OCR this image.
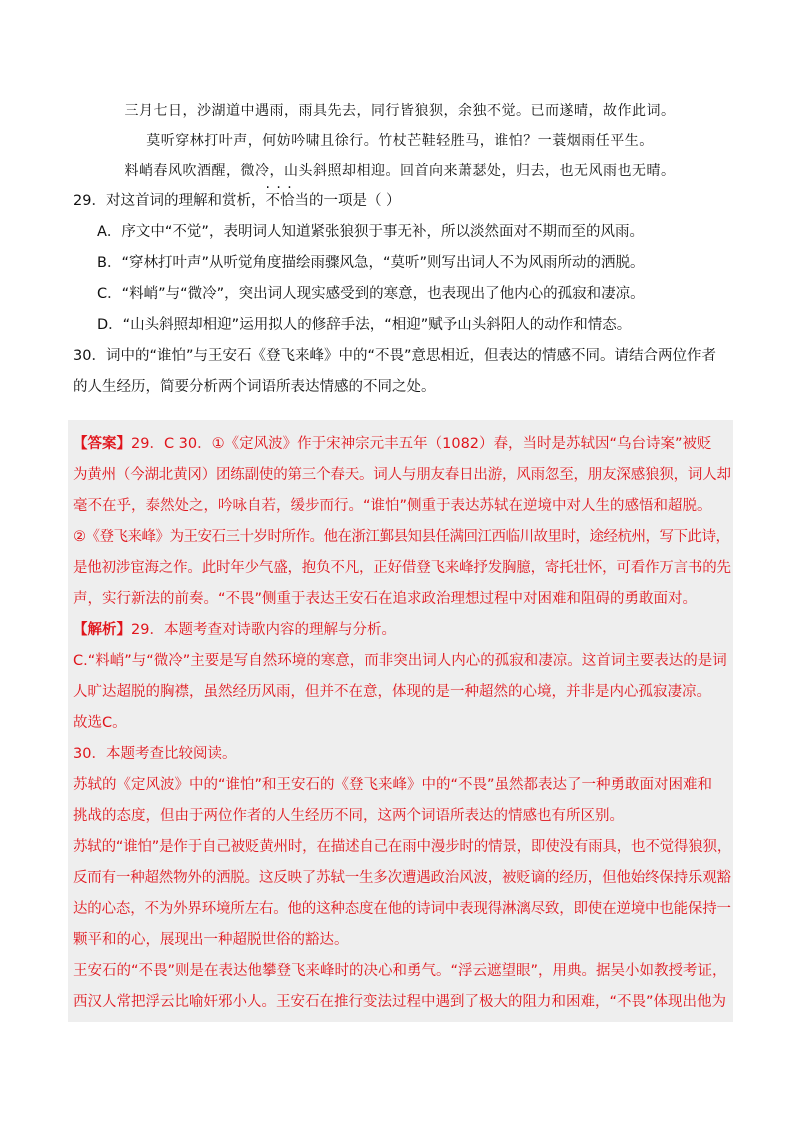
三月七日，沙湖道中遇雨，雨具先去，同行皆狼狈，余独不觉。已而遂晴，故作此词。
莫听穿林打叶声，何妨吟啸且徐行。竹杖芒鞋轻胜马，谁怕？一蓑烟雨任平生。
料峭春风吹酒醒，微冷，山头斜照却相迎。回首向来萧瑟处，归去，也无风雨也无晴。
29．对这首词的理解和赏析，· · · 不恰当的一项是（ ）
A．序文中“不觉”，表明词人知道紧张狼狈于事无补，所以淡然面对不期而至的风雨。
B．“穿林打叶声”从听觉角度描绘雨骤风急，“莫听”则写出词人不为风雨所动的洒脱。
C．“料峭”与“微冷”，突出词人现实感受到的寒意，也表现出了他内心的孤寂和凄凉。
D．“山头斜照却相迎”运用拟人的修辞手法，“相迎”赋予山头斜阳人的动作和情态。
30．词中的“谁怕”与王安石《登飞来峰》中的“不畏”意思相近，但表达的情感不同。请结合两位作者
的人生经历，简要分析两个词语所表达情感的不同之处。
【答案】29．C 30．①《定风波》作于宋神宗元丰五年（1082）春，当时是苏轼因“乌台诗案”被贬
为黄州（今湖北黄冈）团练副使的第三个春天。词人与朋友春日出游，风雨忽至，朋友深感狼狈，词人却
毫不在乎，泰然处之，吟咏自若，缓步而行。“谁怕”侧重于表达苏轼在逆境中对人生的感悟和超脱。
②《登飞来峰》为王安石三十岁时所作。他在浙江鄞县知县任满回江西临川故里时，途经杭州，写下此诗，
是他初涉宦海之作。此时年少气盛，抱负不凡，正好借登飞来峰抒发胸臆，寄托壮怀，可看作万言书的先
声，实行新法的前奏。“不畏”侧重于表达王安石在追求政治理想过程中对困难和阻碍的勇敢面对。
【解析】29．本题考查对诗歌内容的理解与分析。
C.“料峭”与“微冷”主要是写自然环境的寒意，而非突出词人内心的孤寂和凄凉。这首词主要表达的是词
人旷达超脱的胸襟，虽然经历风雨，但并不在意，体现的是一种超然的心境，并非是内心孤寂凄凉。
故选C。
30．本题考查比较阅读。
苏轼的《定风波》中的“谁怕”和王安石的《登飞来峰》中的“不畏”虽然都表达了一种勇敢面对困难和
挑战的态度，但由于两位作者的人生经历不同，这两个词语所表达的情感也有所区别。
苏轼的“谁怕”是作于自己被贬黄州时，在描述自己在雨中漫步时的情景，即使没有雨具，也不觉得狼狈，
反而有一种超然物外的洒脱。这反映了苏轼一生多次遭遇政治风波，被贬谪的经历，但他始终保持乐观豁
达的心态，不为外界环境所左右。他的这种态度在他的诗词中表现得淋漓尽致，即使在逆境中也能保持一
颗平和的心，展现出一种超脱世俗的豁达。
王安石的“不畏”则是在表达他攀登飞来峰时的决心和勇气。“浮云遮望眼”，用典。据吴小如教授考证，
西汉人常把浮云比喻奸邪小人。王安石在推行变法过程中遇到了极大的阻力和困难，“不畏”体现出他为
